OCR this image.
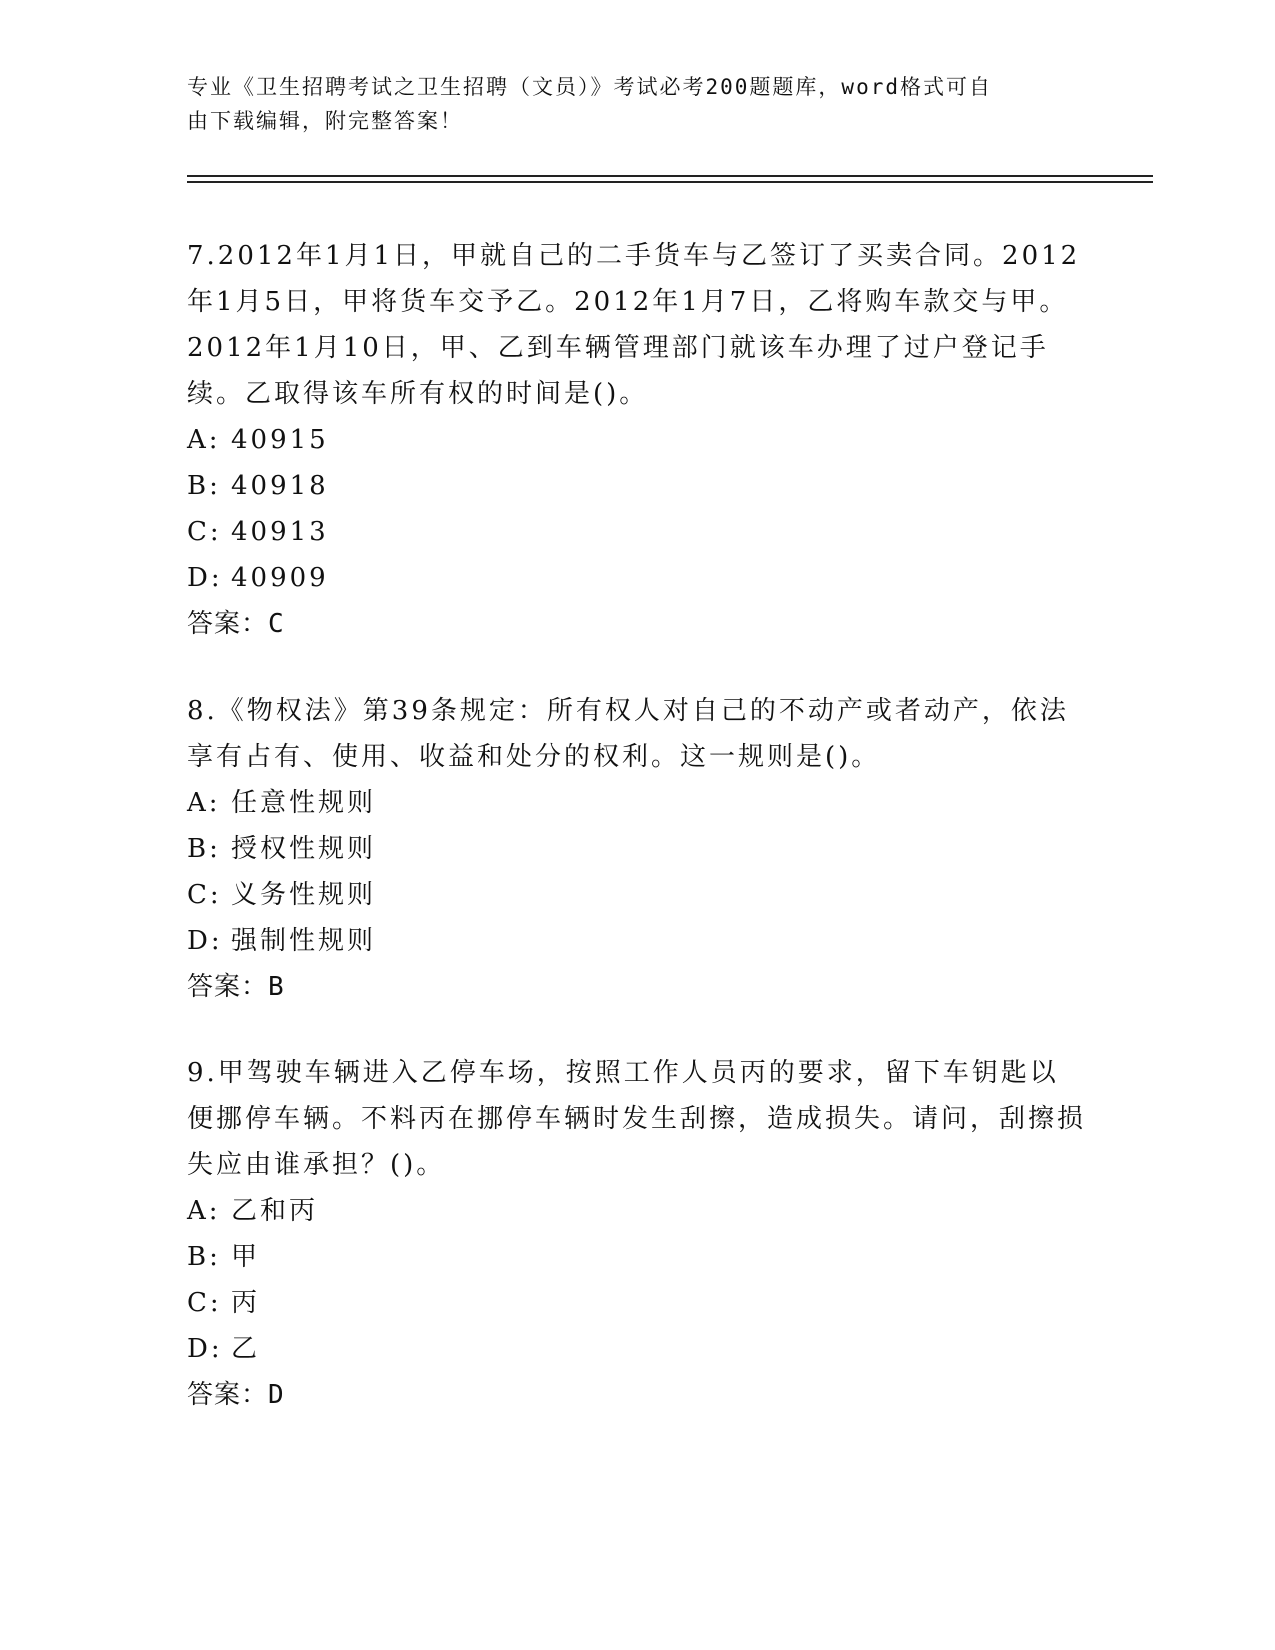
专业《卫生招聘考试之卫生招聘（文员）》考试必考200题题库，word格式可自
由下载编辑，附完整答案！

7.2012年1月1日，甲就自己的二手货车与乙签订了买卖合同。2012年1月5日，甲将货车交予乙。2012年1月7日，乙将购车款交与甲。2012年1月10日，甲、乙到车辆管理部门就该车办理了过户登记手续。乙取得该车所有权的时间是()。

A: 40915
B: 40918
C: 40913
D: 40909
答案：C

8.《物权法》第39条规定：所有权人对自己的不动产或者动产，依法享有占有、使用、收益和处分的权利。这一规则是()。

A: 任意性规则
B: 授权性规则
C: 义务性规则
D: 强制性规则
答案：B

9.甲驾驶车辆进入乙停车场，按照工作人员丙的要求，留下车钥匙以便挪停车辆。不料丙在挪停车辆时发生刮擦，造成损失。请问，刮擦损失应由谁承担？()。

A: 乙和丙
B: 甲
C: 丙
D: 乙
答案：D
